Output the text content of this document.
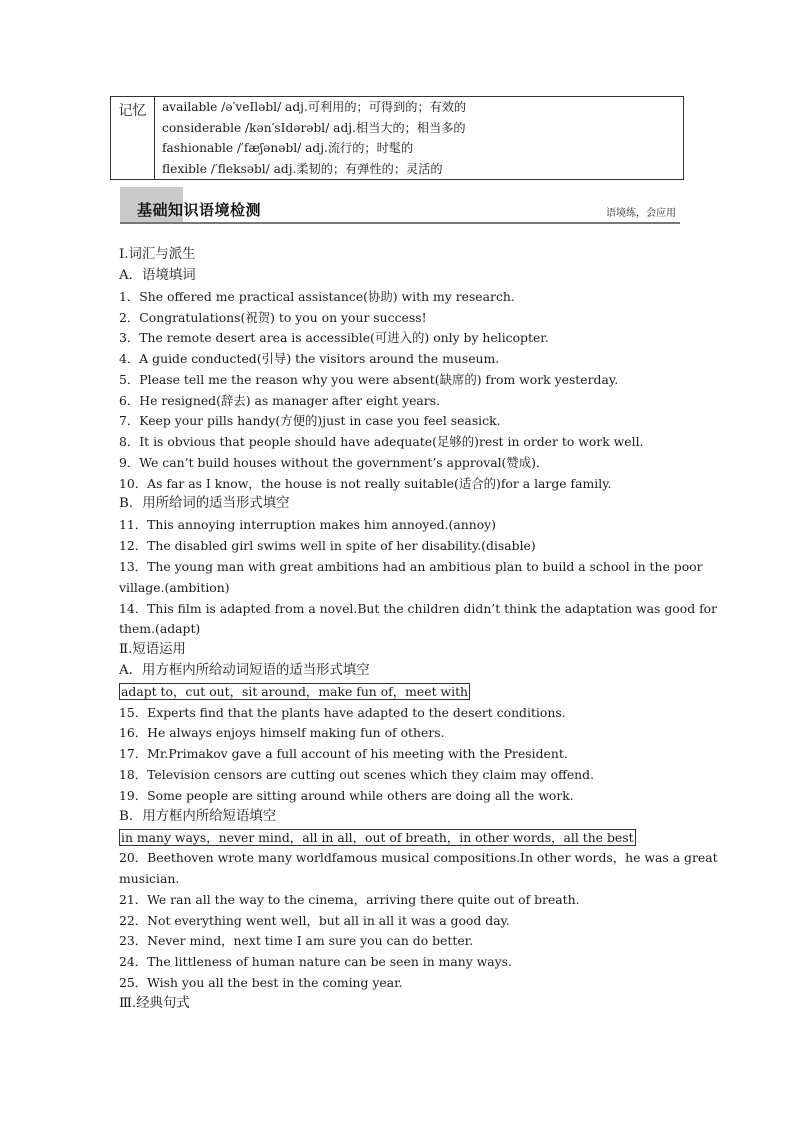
记忆	available /ə′veIləbl/ adj.可利用的；可得到的；有效的
considerable /kən′sIdərəbl/ adj.相当大的；相当多的
fashionable /′fæʃənəbl/ adj.流行的；时髦的
flexible /′fleksəbl/ adj.柔韧的；有弹性的；灵活的
基础知识语境检测	语境练，会应用
Ⅰ.词汇与派生
A．语境填词
1．She offered me practical assistance(协助) with my research.
2．Congratulations(祝贺) to you on your success!
3．The remote desert area is accessible(可进入的) only by helicopter.
4．A guide conducted(引导) the visitors around the museum.
5．Please tell me the reason why you were absent(缺席的) from work yesterday.
6．He resigned(辞去) as manager after eight years.
7．Keep your pills handy(方便的)just in case you feel seasick.
8．It is obvious that people should have adequate(足够的)rest in order to work well.
9．We can’t build houses without the government’s approval(赞成)．
10．As far as I know，the house is not really suitable(适合的)for a large family.
B．用所给词的适当形式填空
11．This annoying interruption makes him annoyed.(annoy)
12．The disabled girl swims well in spite of her disability.(disable)
13．The young man with great ambitions had an ambitious plan to build a school in the poor
village.(ambition)
14．This film is adapted from a novel.But the children didn’t think the adaptation was good for
them.(adapt)
Ⅱ.短语运用
A．用方框内所给动词短语的适当形式填空
adapt to，cut out，sit around，make fun of，meet with
15．Experts find that the plants have adapted to the desert conditions.
16．He always enjoys himself making fun of others.
17．Mr.Primakov gave a full account of his meeting with the President.
18．Television censors are cutting out scenes which they claim may offend.
19．Some people are sitting around while others are doing all the work.
B．用方框内所给短语填空
in many ways，never mind，all in all，out of breath，in other words，all the best
20．Beethoven wrote many worldfamous musical compositions.In other words，he was a great
musician.
21．We ran all the way to the cinema，arriving there quite out of breath.
22．Not everything went well，but all in all it was a good day.
23．Never mind，next time I am sure you can do better.
24．The littleness of human nature can be seen in many ways.
25．Wish you all the best in the coming year.
Ⅲ.经典句式
